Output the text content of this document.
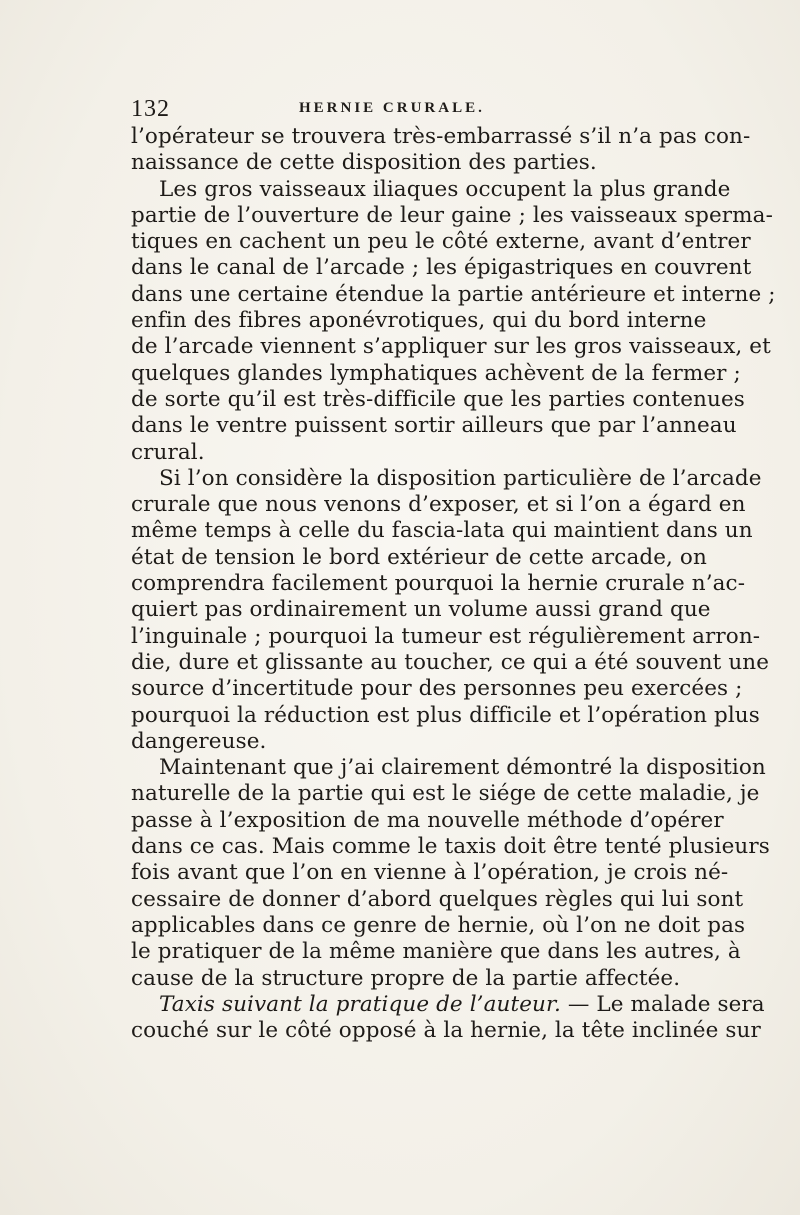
132	HERNIE CRURALE.
l’opérateur se trouvera très-embarrassé s’il n’a pas con-
naissance de cette disposition des parties.
Les gros vaisseaux iliaques occupent la plus grande
partie de l’ouverture de leur gaine ; les vaisseaux sperma-
tiques en cachent un peu le côté externe, avant d’entrer
dans le canal de l’arcade ; les épigastriques en couvrent
dans une certaine étendue la partie antérieure et interne ;
enfin des fibres aponévrotiques, qui du bord interne
de l’arcade viennent s’appliquer sur les gros vaisseaux, et
quelques glandes lymphatiques achèvent de la fermer ;
de sorte qu’il est très-difficile que les parties contenues
dans le ventre puissent sortir ailleurs que par l’anneau
crural.
Si l’on considère la disposition particulière de l’arcade
crurale que nous venons d’exposer, et si l’on a égard en
même temps à celle du fascia-lata qui maintient dans un
état de tension le bord extérieur de cette arcade, on
comprendra facilement pourquoi la hernie crurale n’ac-
quiert pas ordinairement un volume aussi grand que
l’inguinale ; pourquoi la tumeur est régulièrement arron-
die, dure et glissante au toucher, ce qui a été souvent une
source d’incertitude pour des personnes peu exercées ;
pourquoi la réduction est plus difficile et l’opération plus
dangereuse.
Maintenant que j’ai clairement démontré la disposition
naturelle de la partie qui est le siége de cette maladie, je
passe à l’exposition de ma nouvelle méthode d’opérer
dans ce cas. Mais comme le taxis doit être tenté plusieurs
fois avant que l’on en vienne à l’opération, je crois né-
cessaire de donner d’abord quelques règles qui lui sont
applicables dans ce genre de hernie, où l’on ne doit pas
le pratiquer de la même manière que dans les autres, à
cause de la structure propre de la partie affectée.
Taxis suivant la pratique de l’auteur. — Le malade sera
couché sur le côté opposé à la hernie, la tête inclinée sur
